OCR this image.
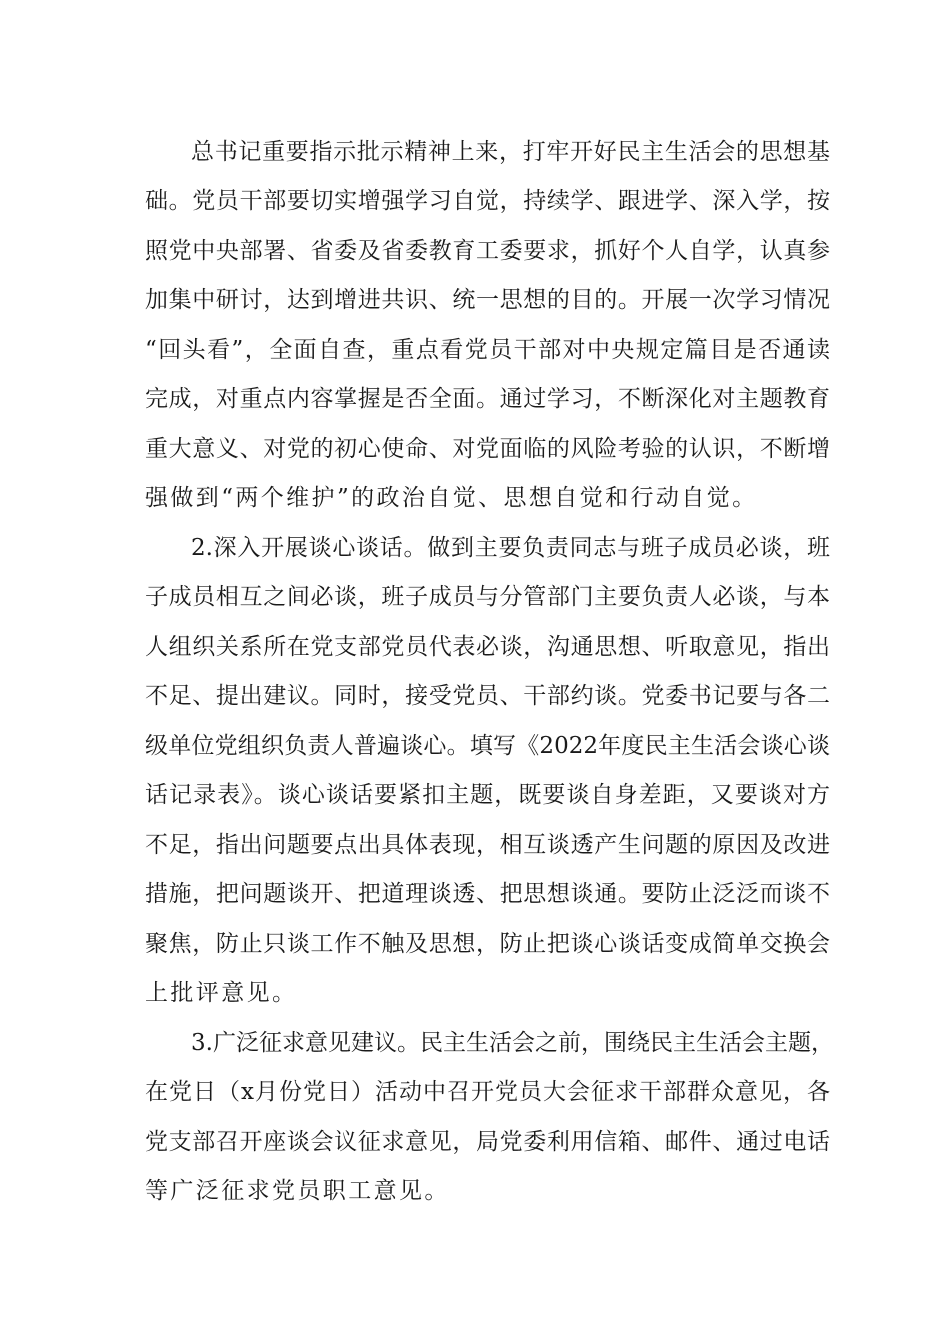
总书记重要指示批示精神上来，打牢开好民主生活会的思想基
础。党员干部要切实增强学习自觉，持续学、跟进学、深入学，按
照党中央部署、省委及省委教育工委要求，抓好个人自学，认真参
加集中研讨，达到增进共识、统一思想的目的。开展一次学习情况
“回头看”，全面自查，重点看党员干部对中央规定篇目是否通读
完成，对重点内容掌握是否全面。通过学习，不断深化对主题教育
重大意义、对党的初心使命、对党面临的风险考验的认识，不断增
强做到“两个维护”的政治自觉、思想自觉和行动自觉。
2.深入开展谈心谈话。做到主要负责同志与班子成员必谈，班
子成员相互之间必谈，班子成员与分管部门主要负责人必谈，与本
人组织关系所在党支部党员代表必谈，沟通思想、听取意见，指出
不足、提出建议。同时，接受党员、干部约谈。党委书记要与各二
级单位党组织负责人普遍谈心。填写《2022年度民主生活会谈心谈
话记录表》。谈心谈话要紧扣主题，既要谈自身差距，又要谈对方
不足，指出问题要点出具体表现，相互谈透产生问题的原因及改进
措施，把问题谈开、把道理谈透、把思想谈通。要防止泛泛而谈不
聚焦，防止只谈工作不触及思想，防止把谈心谈话变成简单交换会
上批评意见。
3.广泛征求意见建议。民主生活会之前，围绕民主生活会主题，
在党日（x月份党日）活动中召开党员大会征求干部群众意见，各
党支部召开座谈会议征求意见，局党委利用信箱、邮件、通过电话
等广泛征求党员职工意见。
